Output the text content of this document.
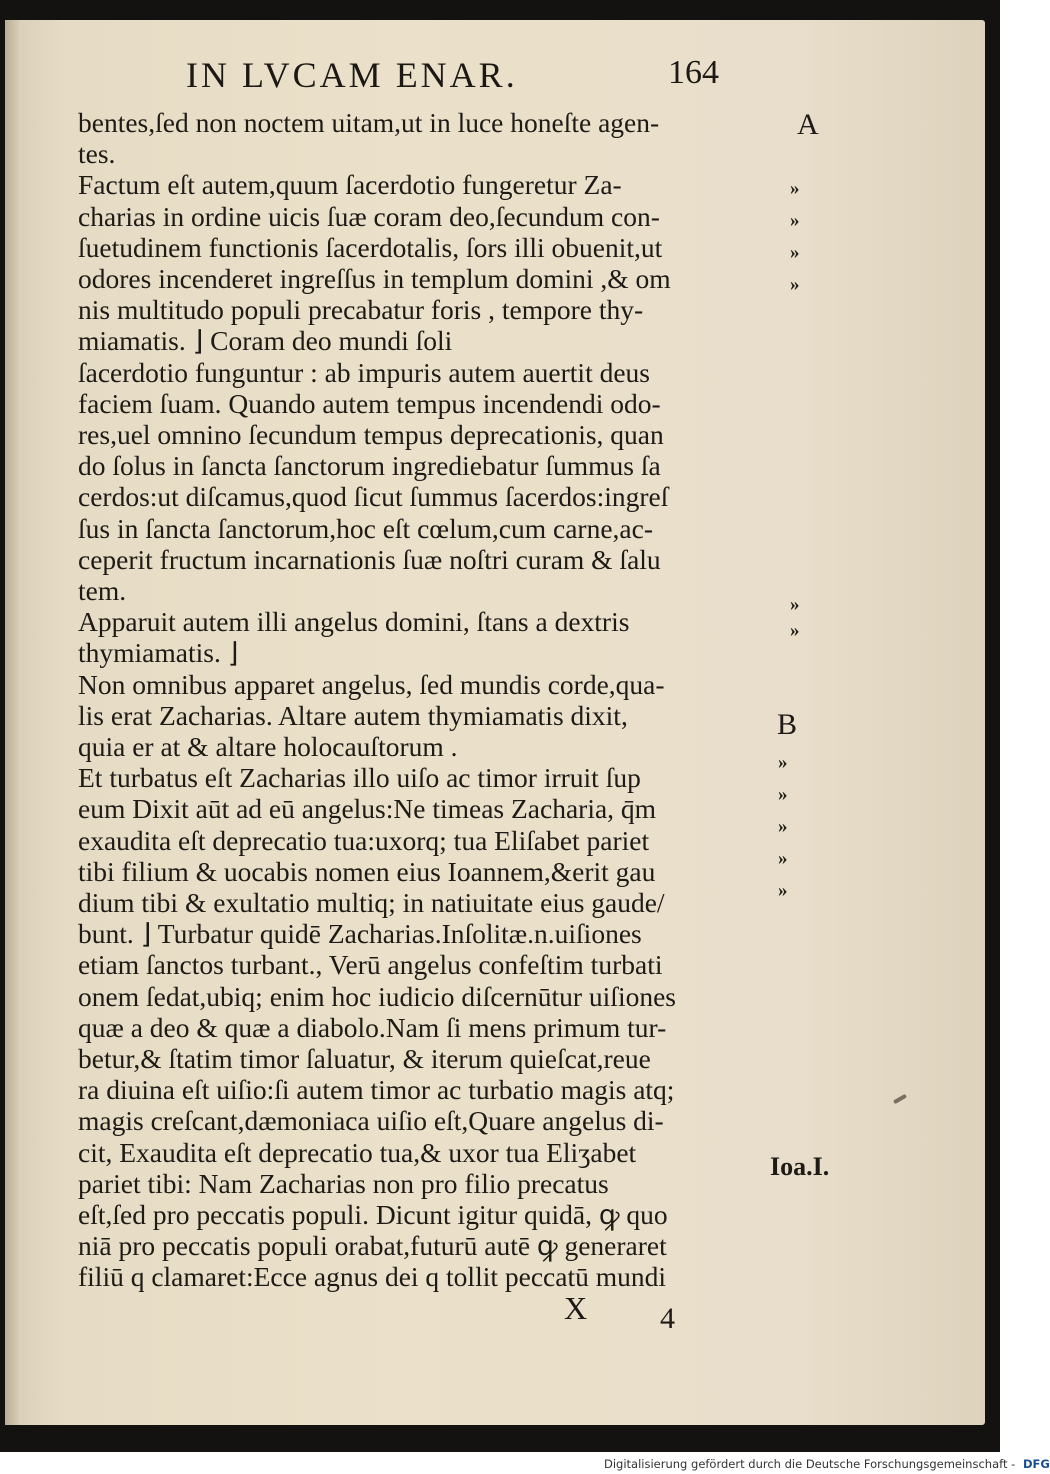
IN LVCAM ENAR.	164
bentes,ſed non noctem uitam,ut in luce honeſte agen-
tes.
Factum eſt autem,quum ſacerdotio fungeretur Za-
charias in ordine uicis ſuæ coram deo,ſecundum con-
ſuetudinem functionis ſacerdotalis, ſors illi obuenit,ut
odores incenderet ingreſſus in templum domini ,& om
nis multitudo populi precabatur foris , tempore thy-
miamatis. ⌋ Coram deo mundi ſoli
ſacerdotio funguntur : ab impuris autem auertit deus
faciem ſuam. Quando autem tempus incendendi odo-
res,uel omnino ſecundum tempus deprecationis, quan
do ſolus in ſancta ſanctorum ingrediebatur ſummus ſa
cerdos:ut diſcamus,quod ſicut ſummus ſacerdos:ingreſ
ſus in ſancta ſanctorum,hoc eſt cœlum,cum carne,ac-
ceperit fructum incarnationis ſuæ noſtri curam & ſalu
tem.
Apparuit autem illi angelus domini, ſtans a dextris
thymiamatis. ⌋
Non omnibus apparet angelus, ſed mundis corde,qua-
lis erat Zacharias. Altare autem thymiamatis dixit,
quia er at & altare holocauſtorum .
Et turbatus eſt Zacharias illo uiſo ac timor irruit ſup
eum Dixit aūt ad eū angelus:Ne timeas Zacharia, q̄m
exaudita eſt deprecatio tua:uxorq; tua Eliſabet pariet
tibi filium & uocabis nomen eius Ioannem,&erit gau
dium tibi & exultatio multiq; in natiuitate eius gaude/
bunt. ⌋ Turbatur quidē Zacharias.Inſolitæ.n.uiſiones
etiam ſanctos turbant., Verū angelus confeſtim turbati
onem ſedat,ubiq; enim hoc iudicio diſcernūtur uiſiones
quæ a deo & quæ a diabolo.Nam ſi mens primum tur-
betur,& ſtatim timor ſaluatur, & iterum quieſcat,reue
ra diuina eſt uiſio:ſi autem timor ac turbatio magis atq;
magis creſcant,dæmoniaca uiſio eſt,Quare angelus di-
cit, Exaudita eſt deprecatio tua,& uxor tua Eliʒabet
pariet tibi: Nam Zacharias non pro filio precatus
eſt,ſed pro peccatis populi. Dicunt igitur quidā, ꝙ quo
niā pro peccatis populi orabat,futurū autē ꝙ generaret
filiū q clamaret:Ecce agnus dei q tollit peccatū mundi
A
B
Ioa.I.
»
»
»
»
»
»
»
»
»
»
»
X 4
Digitalisierung gefördert durch die Deutsche Forschungsgemeinschaft - DFG
